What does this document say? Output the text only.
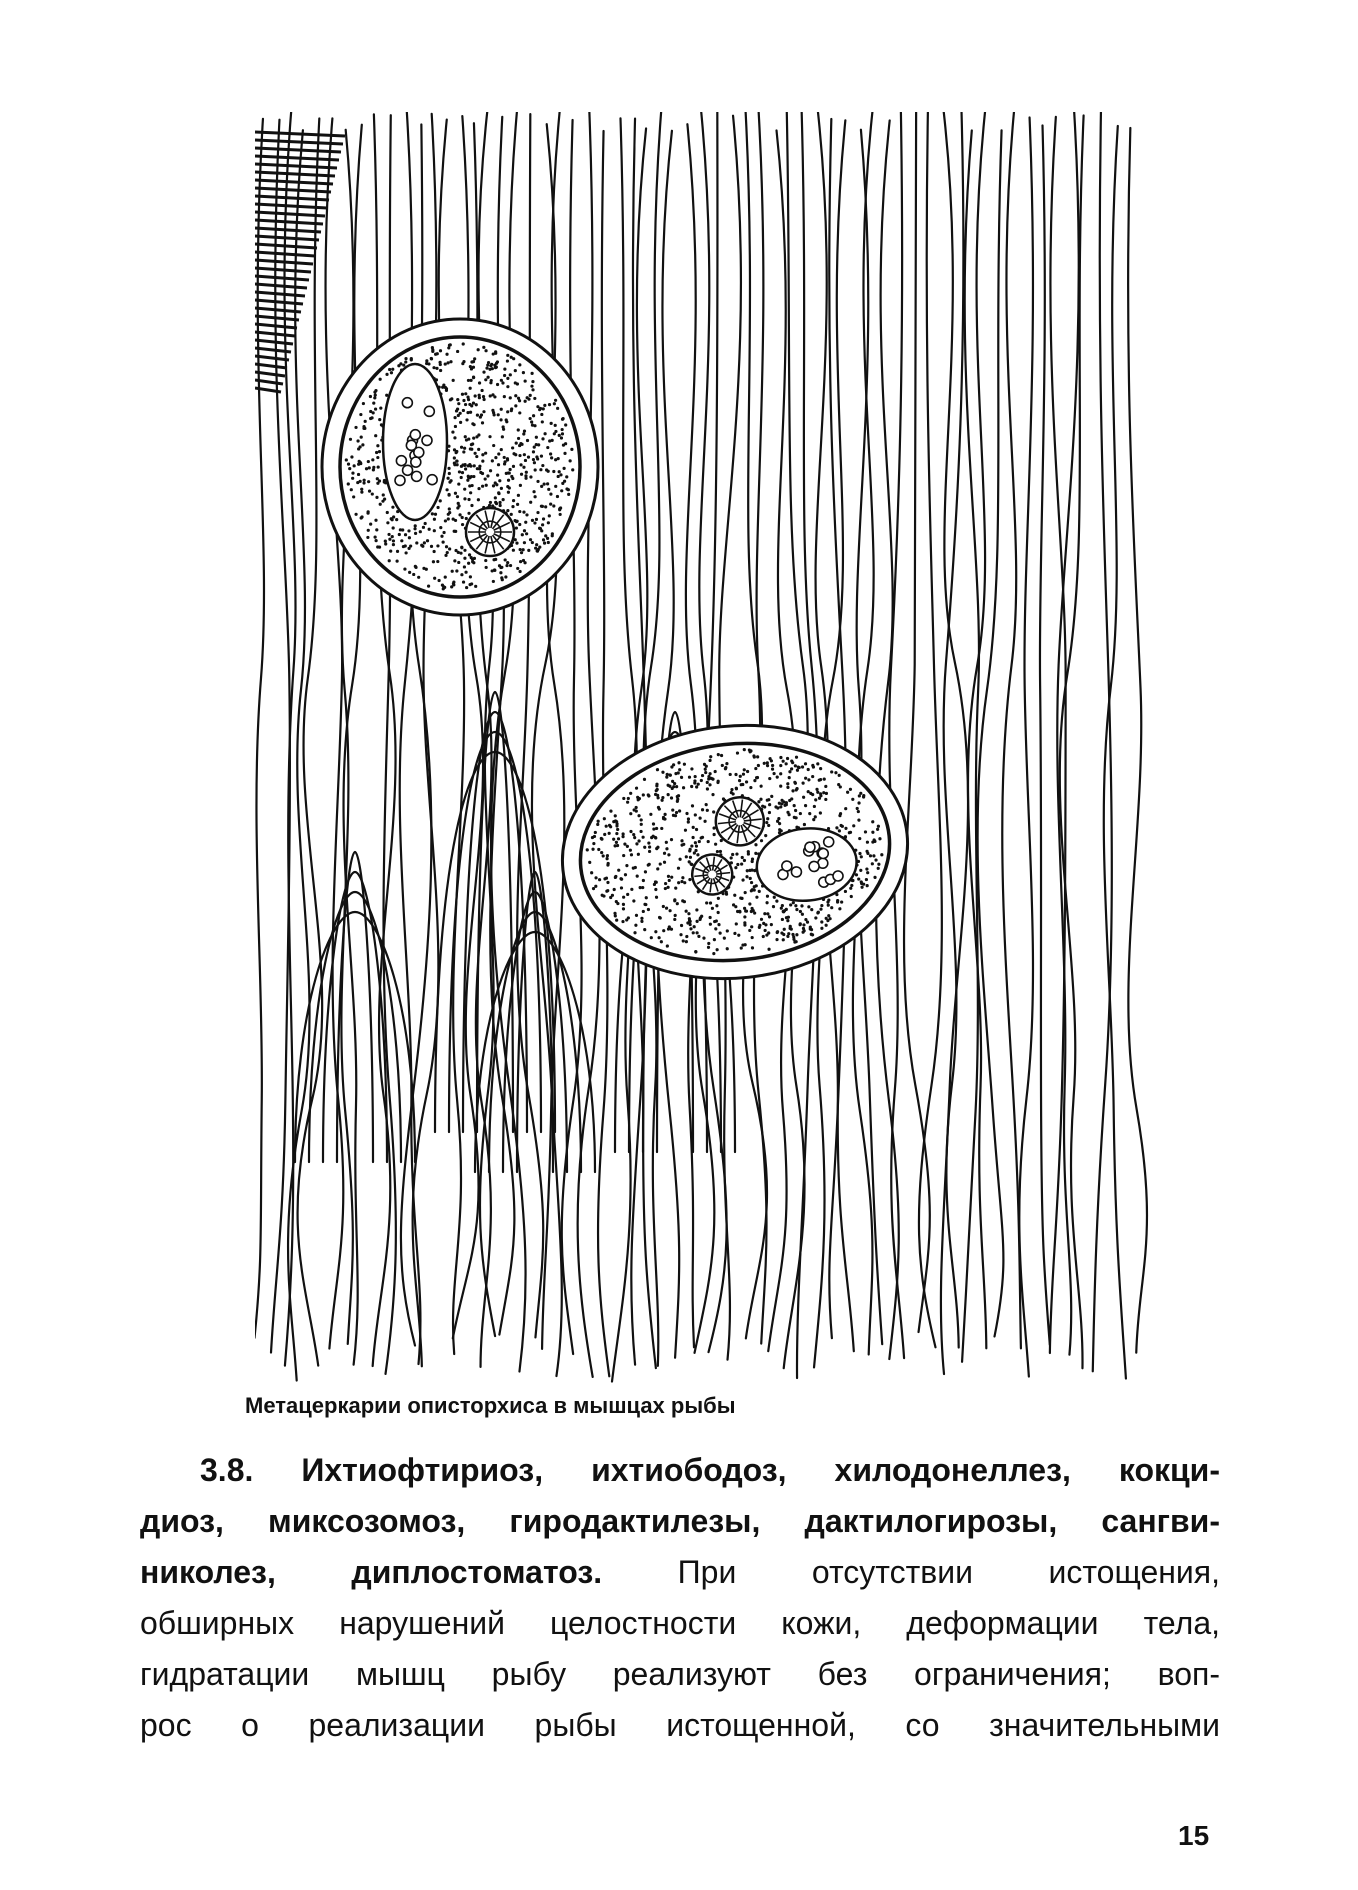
Метацеркарии описторхиса в мышцах рыбы
3.8. Ихтиофтириоз, ихтиободоз, хилодонеллез, кокци-
диоз, миксозомоз, гиродактилезы, дактилогирозы, сангви-
николез, диплостоматоз. При отсутствии истощения,
обширных нарушений целостности кожи, деформации тела,
гидратации мышц рыбу реализуют без ограничения; воп-
рос о реализации рыбы истощенной, со значительными
15
